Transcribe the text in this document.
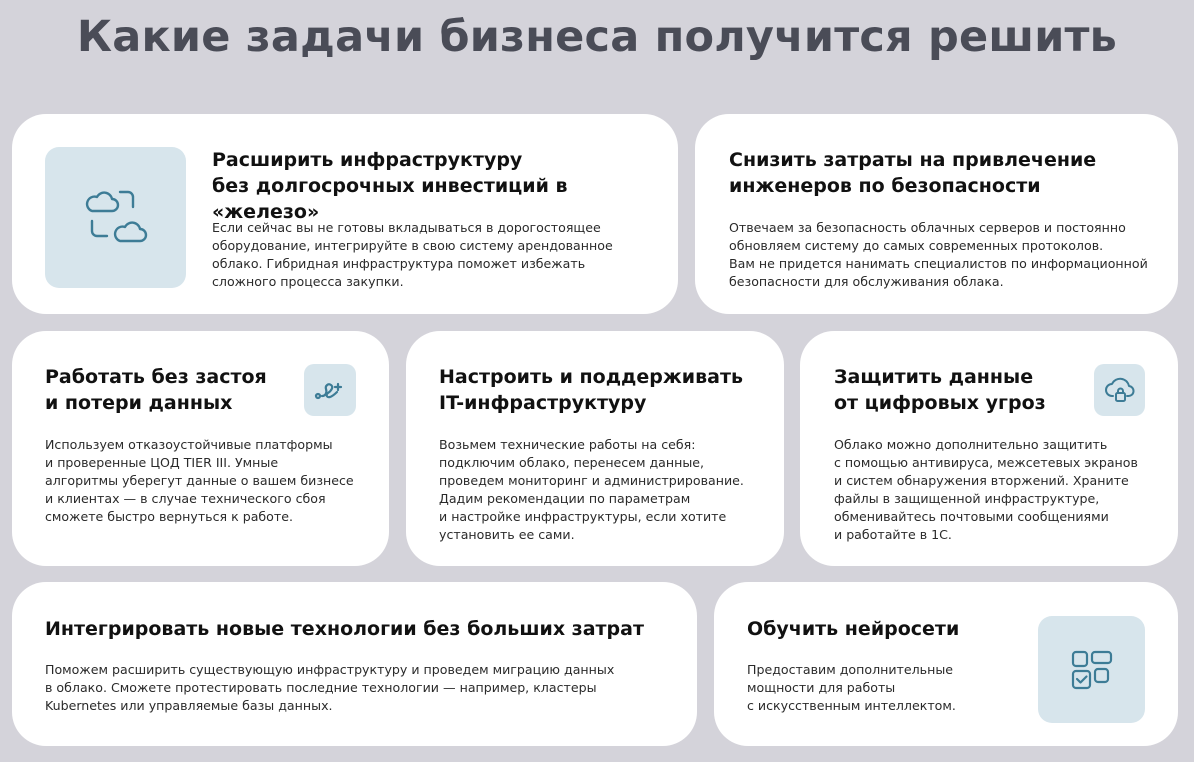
Какие задачи бизнеса получится решить
Расширить инфраструктуру
без долгосрочных инвестиций в «железо»

Если сейчас вы не готовы вкладываться в дорогостоящее
оборудование, интегрируйте в свою систему арендованное
облако. Гибридная инфраструктура поможет избежать
сложного процесса закупки.

Снизить затраты на привлечение
инженеров по безопасности

Отвечаем за безопасность облачных серверов и постоянно
обновляем систему до самых современных протоколов.
Вам не придется нанимать специалистов по информационной
безопасности для обслуживания облака.

Работать без застоя
и потери данных

Используем отказоустойчивые платформы
и проверенные ЦОД TIER III. Умные
алгоритмы уберегут данные о вашем бизнесе
и клиентах — в случае технического сбоя
сможете быстро вернуться к работе.

Настроить и поддерживать
IT-инфраструктуру

Возьмем технические работы на себя:
подключим облако, перенесем данные,
проведем мониторинг и администрирование.
Дадим рекомендации по параметрам
и настройке инфраструктуры, если хотите
установить ее сами.

Защитить данные
от цифровых угроз

Облако можно дополнительно защитить
с помощью антивируса, межсетевых экранов
и систем обнаружения вторжений. Храните
файлы в защищенной инфраструктуре,
обменивайтесь почтовыми сообщениями
и работайте в 1С.

Интегрировать новые технологии без больших затрат

Поможем расширить существующую инфраструктуру и проведем миграцию данных
в облако. Сможете протестировать последние технологии — например, кластеры
Kubernetes или управляемые базы данных.

Обучить нейросети

Предоставим дополнительные
мощности для работы
с искусственным интеллектом.
